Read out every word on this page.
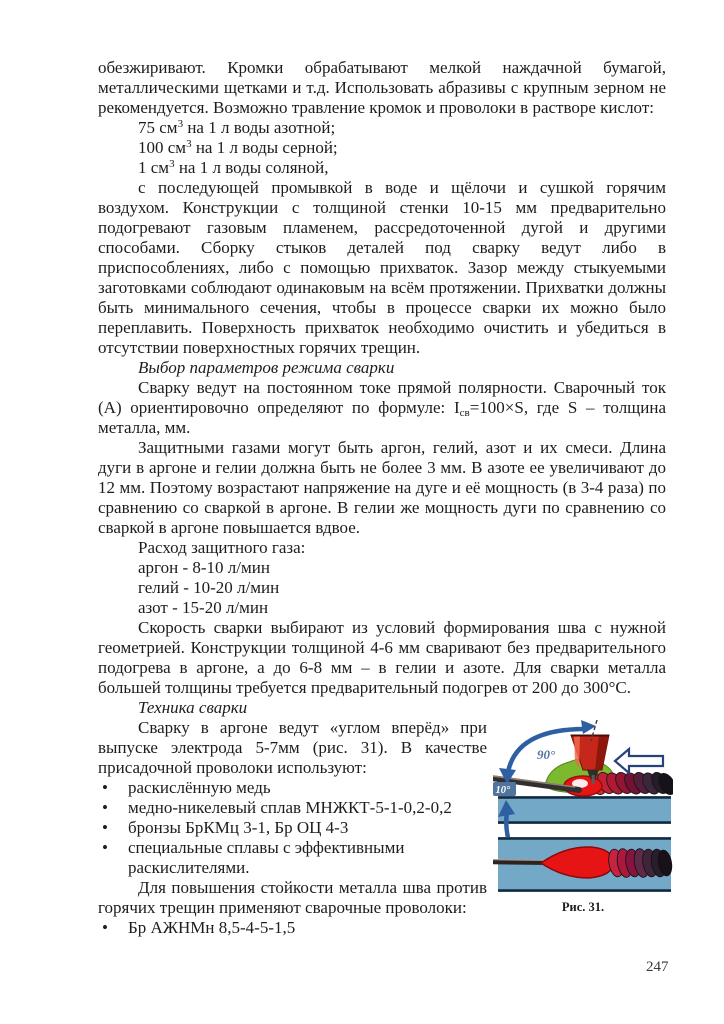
обезжиривают. Кромки обрабатывают мелкой наждачной бумагой, металлическими щетками и т.д. Использовать абразивы с крупным зерном не рекомендуется. Возможно травление кромок и проволоки в растворе кислот:

75 $см^3$ на 1 л воды азотной;
100 $см^3$ на 1 л воды серной;
1 $см^3$ на 1 л воды соляной,

с последующей промывкой в воде и щёлочи и сушкой горячим воздухом. Конструкции с толщиной стенки 10-15 мм предварительно подогревают газовым пламенем, рассредоточенной дугой и другими способами. Сборку стыков деталей под сварку ведут либо в приспособлениях, либо с помощью прихваток. Зазор между стыкуемыми заготовками соблюдают одинаковым на всём протяжении. Прихватки должны быть минимального сечения, чтобы в процессе сварки их можно было переплавить. Поверхность прихваток необходимо очистить и убедиться в отсутствии поверхностных горячих трещин.

Выбор параметров режима сварки

Сварку ведут на постоянном токе прямой полярности. Сварочный ток (А) ориентировочно определяют по формуле: $I_{св}=100\times S$, где S – толщина металла, мм.

Защитными газами могут быть аргон, гелий, азот и их смеси. Длина дуги в аргоне и гелии должна быть не более 3 мм. В азоте ее увеличивают до 12 мм. Поэтому возрастают напряжение на дуге и её мощность (в 3-4 раза) по сравнению со сваркой в аргоне. В гелии же мощность дуги по сравнению со сваркой в аргоне повышается вдвое.

Расход защитного газа:

аргон - 8-10 л/мин
гелий - 10-20 л/мин
азот - 15-20 л/мин

Скорость сварки выбирают из условий формирования шва с нужной геометрией. Конструкции толщиной 4-6 мм сваривают без предварительного подогрева в аргоне, а до 6-8 мм – в гелии и азоте. Для сварки металла большей толщины требуется предварительный подогрев от 200 до 300°С.

Техника сварки

90°
10°
Рис. 31.

Сварку в аргоне ведут «углом вперёд» при выпуске электрода 5-7мм (рис. 31). В качестве присадочной проволоки используют:

• раскислённую медь
• медно-никелевый сплав МНЖКТ-5-1-0,2-0,2
• бронзы БрКМц 3-1, Бр ОЦ 4-3
• специальные сплавы с эффективными раскислителями.

Для повышения стойкости металла шва против горячих трещин применяют сварочные проволоки:

• Бр АЖНМн 8,5-4-5-1,5
247
